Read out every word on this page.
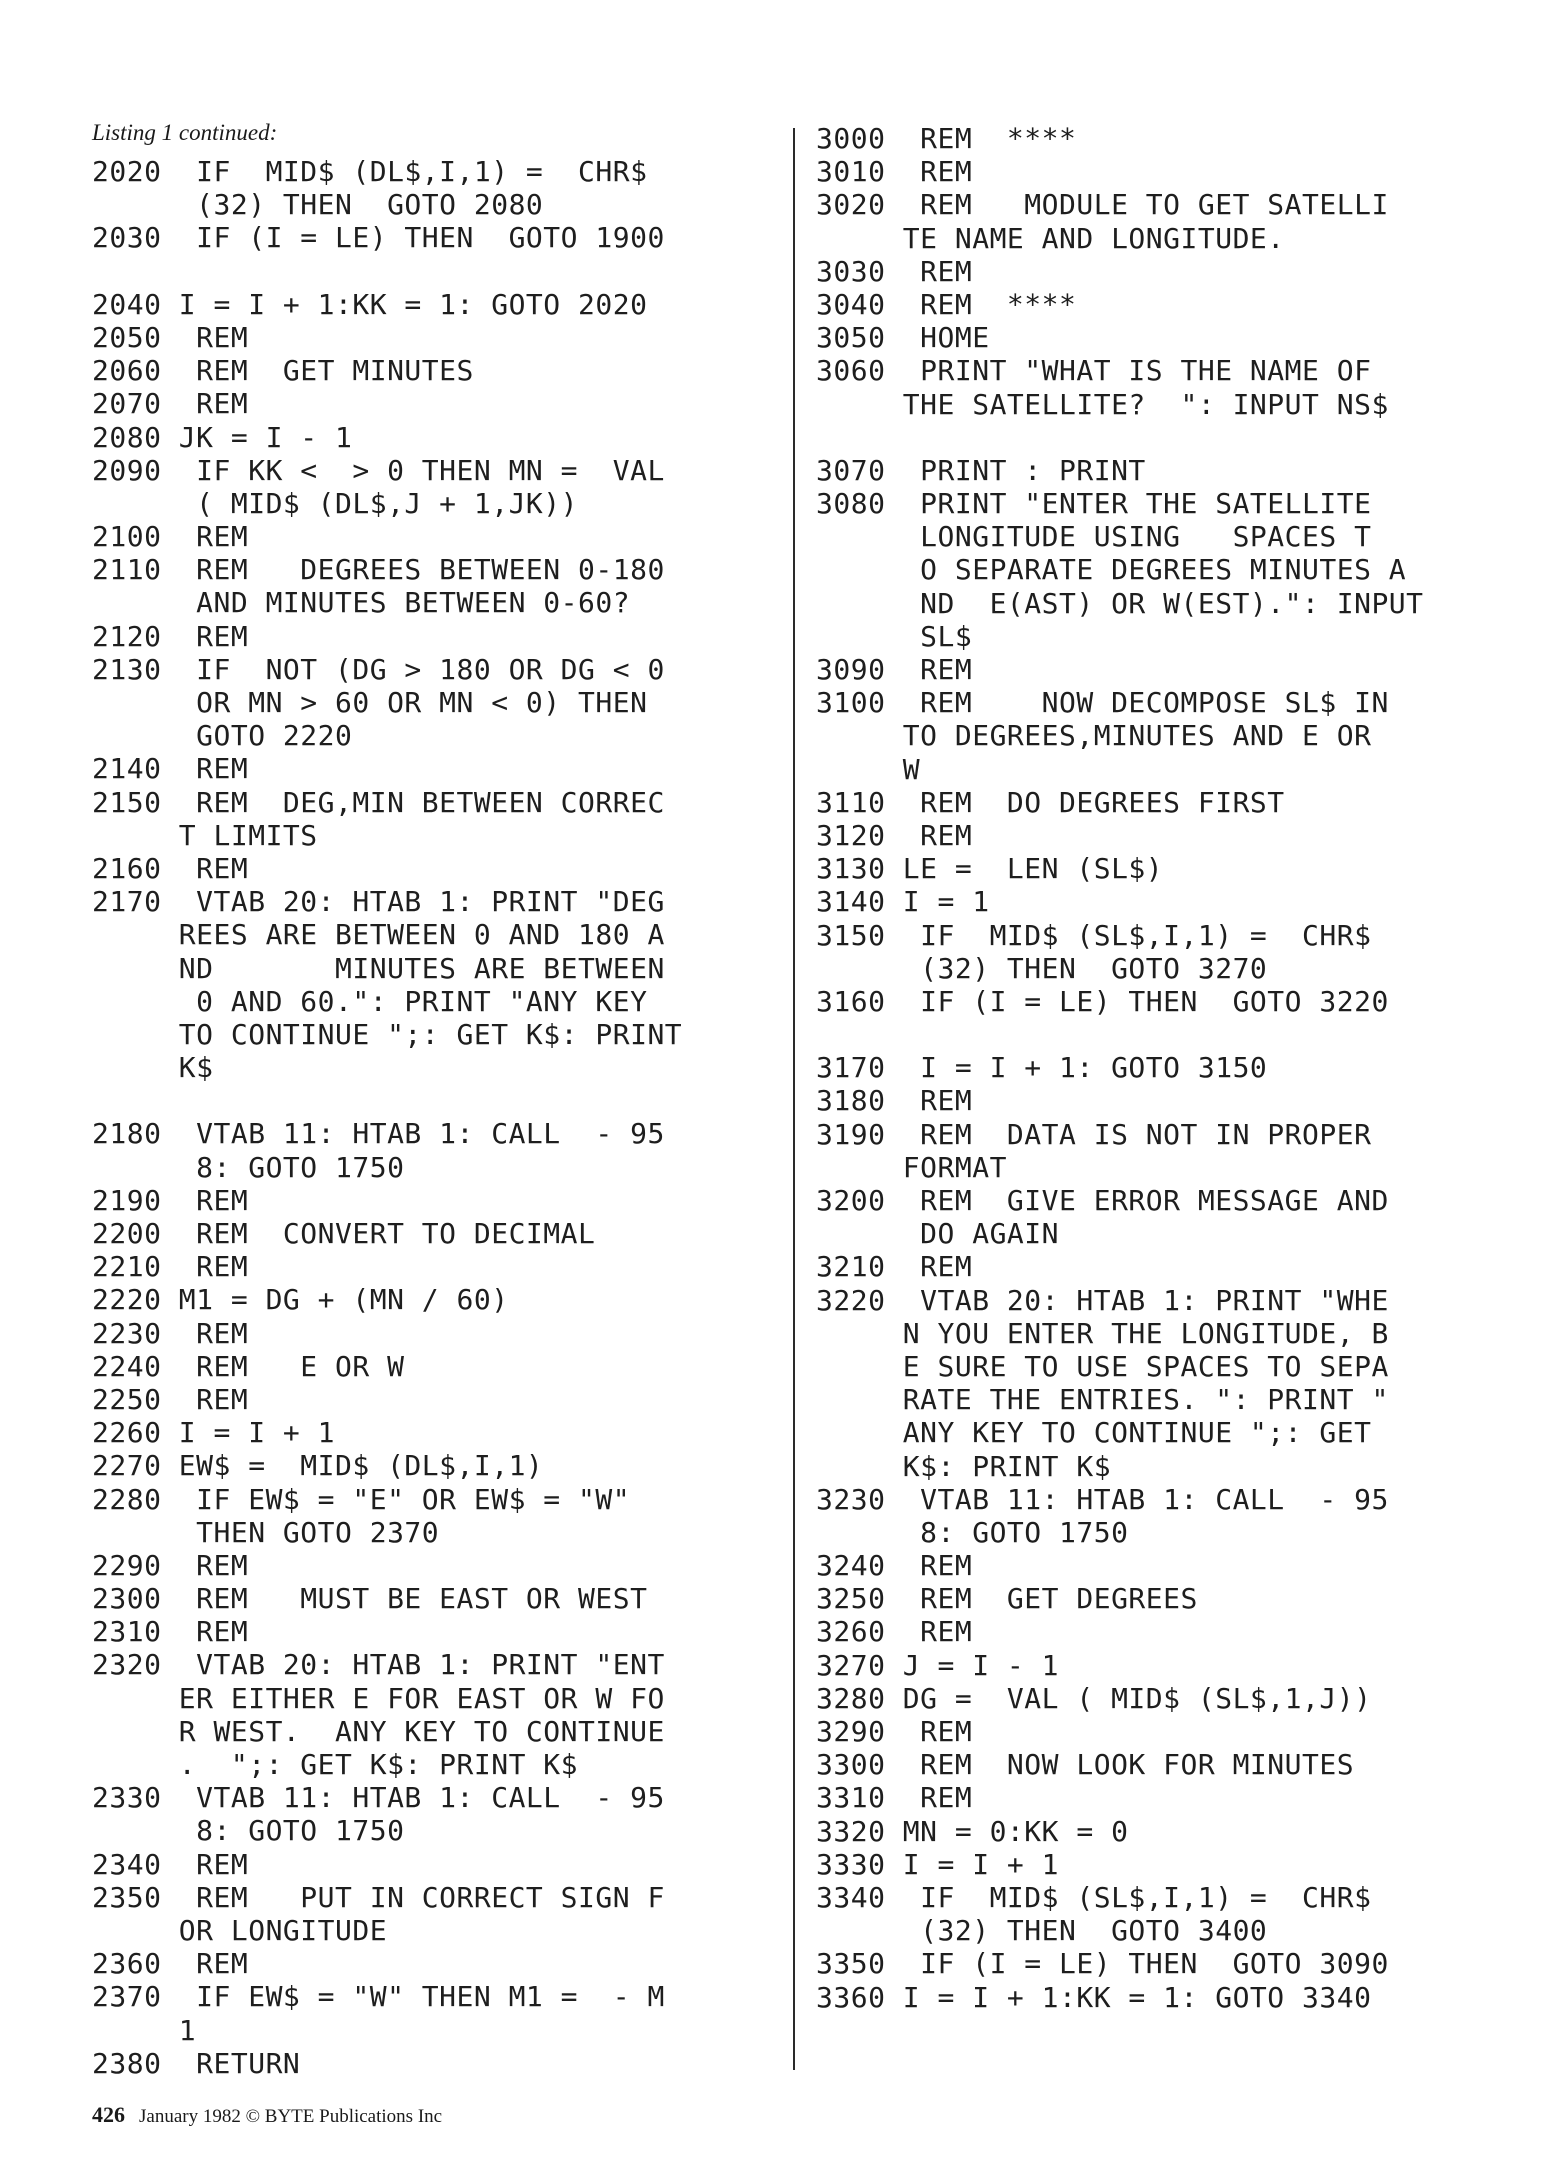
Listing 1 continued:
2020  IF  MID$ (DL$,I,1) =  CHR$
(32) THEN  GOTO 2080
2030  IF (I = LE) THEN  GOTO 1900
2040 I = I + 1:KK = 1: GOTO 2020
2050  REM
2060  REM  GET MINUTES
2070  REM
2080 JK = I - 1
2090  IF KK <  > 0 THEN MN =  VAL
( MID$ (DL$,J + 1,JK))
2100  REM
2110  REM   DEGREES BETWEEN 0-180
AND MINUTES BETWEEN 0-60?
2120  REM
2130  IF  NOT (DG > 180 OR DG < 0
OR MN > 60 OR MN < 0) THEN
GOTO 2220
2140  REM
2150  REM  DEG,MIN BETWEEN CORREC
T LIMITS
2160  REM
2170  VTAB 20: HTAB 1: PRINT "DEG
REES ARE BETWEEN 0 AND 180 A
ND       MINUTES ARE BETWEEN
0 AND 60.": PRINT "ANY KEY
TO CONTINUE ";: GET K$: PRINT
K$
2180  VTAB 11: HTAB 1: CALL  - 95
8: GOTO 1750
2190  REM
2200  REM  CONVERT TO DECIMAL
2210  REM
2220 M1 = DG + (MN / 60)
2230  REM
2240  REM   E OR W
2250  REM
2260 I = I + 1
2270 EW$ =  MID$ (DL$,I,1)
2280  IF EW$ = "E" OR EW$ = "W"
THEN GOTO 2370
2290  REM
2300  REM   MUST BE EAST OR WEST
2310  REM
2320  VTAB 20: HTAB 1: PRINT "ENT
ER EITHER E FOR EAST OR W FO
R WEST.  ANY KEY TO CONTINUE
.  ";: GET K$: PRINT K$
2330  VTAB 11: HTAB 1: CALL  - 95
8: GOTO 1750
2340  REM
2350  REM   PUT IN CORRECT SIGN F
OR LONGITUDE
2360  REM
2370  IF EW$ = "W" THEN M1 =  - M
1
2380  RETURN
3000  REM  ****
3010  REM
3020  REM   MODULE TO GET SATELLI
TE NAME AND LONGITUDE.
3030  REM
3040  REM  ****
3050  HOME
3060  PRINT "WHAT IS THE NAME OF
THE SATELLITE?  ": INPUT NS$
3070  PRINT : PRINT
3080  PRINT "ENTER THE SATELLITE
LONGITUDE USING   SPACES T
O SEPARATE DEGREES MINUTES A
ND  E(AST) OR W(EST).": INPUT
SL$
3090  REM
3100  REM    NOW DECOMPOSE SL$ IN
TO DEGREES,MINUTES AND E OR
W
3110  REM  DO DEGREES FIRST
3120  REM
3130 LE =  LEN (SL$)
3140 I = 1
3150  IF  MID$ (SL$,I,1) =  CHR$
(32) THEN  GOTO 3270
3160  IF (I = LE) THEN  GOTO 3220
3170  I = I + 1: GOTO 3150
3180  REM
3190  REM  DATA IS NOT IN PROPER
FORMAT
3200  REM  GIVE ERROR MESSAGE AND
DO AGAIN
3210  REM
3220  VTAB 20: HTAB 1: PRINT "WHE
N YOU ENTER THE LONGITUDE, B
E SURE TO USE SPACES TO SEPA
RATE THE ENTRIES. ": PRINT "
ANY KEY TO CONTINUE ";: GET
K$: PRINT K$
3230  VTAB 11: HTAB 1: CALL  - 95
8: GOTO 1750
3240  REM
3250  REM  GET DEGREES
3260  REM
3270 J = I - 1
3280 DG =  VAL ( MID$ (SL$,1,J))
3290  REM
3300  REM  NOW LOOK FOR MINUTES
3310  REM
3320 MN = 0:KK = 0
3330 I = I + 1
3340  IF  MID$ (SL$,I,1) =  CHR$
(32) THEN  GOTO 3400
3350  IF (I = LE) THEN  GOTO 3090
3360 I = I + 1:KK = 1: GOTO 3340
426 January 1982 © BYTE Publications Inc
